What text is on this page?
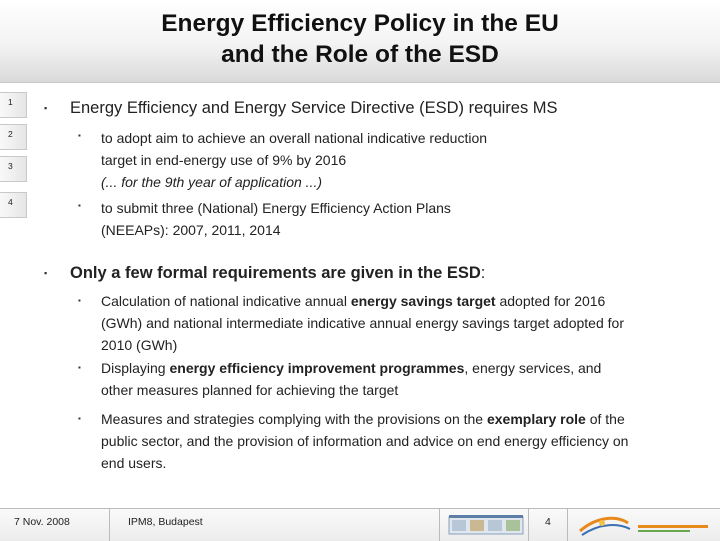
Energy Efficiency Policy in the EU
and the Role of the ESD
1
2
3
4
▪ Energy Efficiency and Energy Service Directive (ESD) requires MS
▪ to adopt aim to achieve an overall national indicative reduction
target in end-energy use of 9% by 2016
(... for the 9th year of application ...)
▪ to submit three (National) Energy Efficiency Action Plans
(NEEAPs): 2007, 2011, 2014
▪ Only a few formal requirements are given in the ESD:
▪ Calculation of national indicative annual energy savings target adopted for 2016
(GWh) and national intermediate indicative annual energy savings target adopted for
2010 (GWh)
▪ Displaying energy efficiency improvement programmes, energy services, and
other measures planned for achieving the target
▪ Measures and strategies complying with the provisions on the exemplary role of the
public sector, and the provision of information and advice on end energy efficiency on
end users.
7 Nov. 2008	IPM8, Budapest	4
